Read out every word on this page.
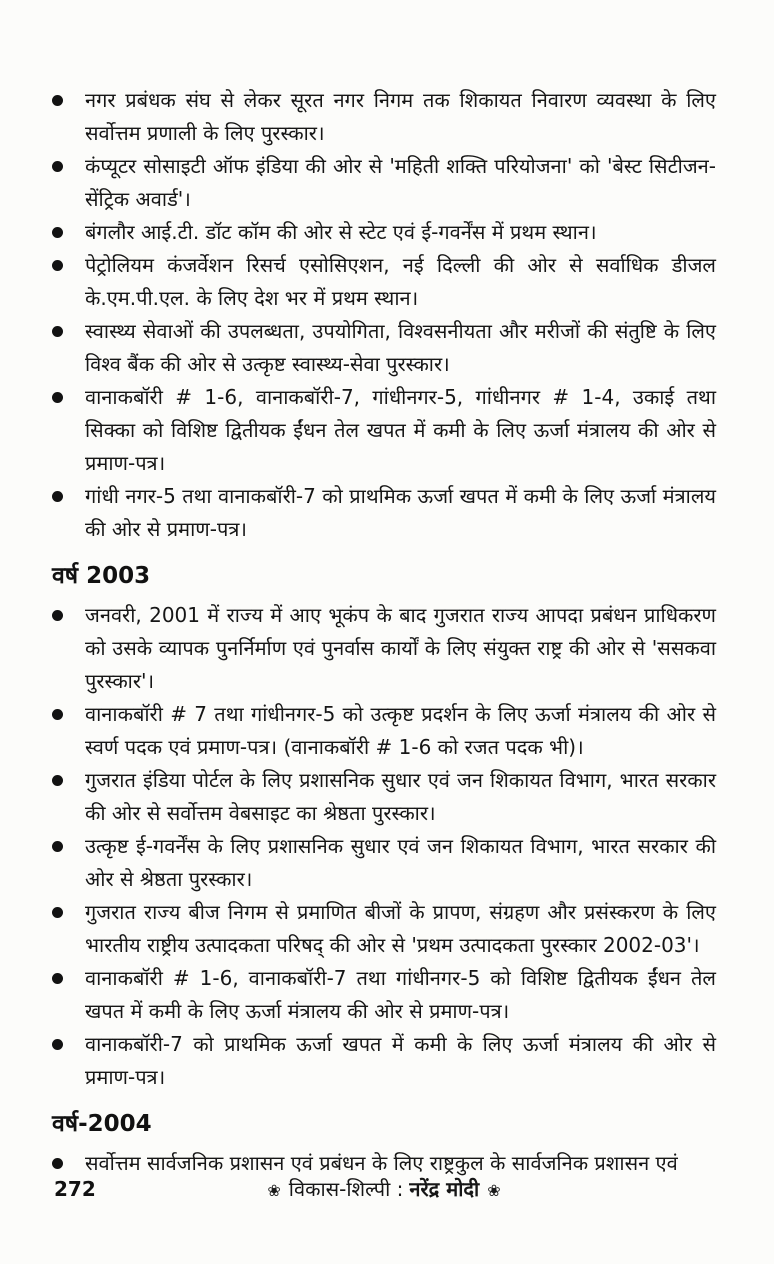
नगर प्रबंधक संघ से लेकर सूरत नगर निगम तक शिकायत निवारण व्यवस्था के लिए सर्वोत्तम प्रणाली के लिए पुरस्कार।

कंप्यूटर सोसाइटी ऑफ इंडिया की ओर से 'महिती शक्ति परियोजना' को 'बेस्ट सिटीजन-सेंट्रिक अवार्ड'।

बंगलौर आई.टी. डॉट कॉम की ओर से स्टेट एवं ई-गवर्नेंस में प्रथम स्थान।

पेट्रोलियम कंजर्वेशन रिसर्च एसोसिएशन, नई दिल्ली की ओर से सर्वाधिक डीजल के.एम.पी.एल. के लिए देश भर में प्रथम स्थान।

स्वास्थ्य सेवाओं की उपलब्धता, उपयोगिता, विश्वसनीयता और मरीजों की संतुष्टि के लिए विश्व बैंक की ओर से उत्कृष्ट स्वास्थ्य-सेवा पुरस्कार।

वानाकबॉरी # 1-6, वानाकबॉरी-7, गांधीनगर-5, गांधीनगर # 1-4, उकाई तथा सिक्का को विशिष्ट द्वितीयक ईंधन तेल खपत में कमी के लिए ऊर्जा मंत्रालय की ओर से प्रमाण-पत्र।

गांधी नगर-5 तथा वानाकबॉरी-7 को प्राथमिक ऊर्जा खपत में कमी के लिए ऊर्जा मंत्रालय की ओर से प्रमाण-पत्र।

वर्ष 2003

जनवरी, 2001 में राज्य में आए भूकंप के बाद गुजरात राज्य आपदा प्रबंधन प्राधिकरण को उसके व्यापक पुनर्निर्माण एवं पुनर्वास कार्यों के लिए संयुक्त राष्ट्र की ओर से 'ससकवा पुरस्कार'।

वानाकबॉरी # 7 तथा गांधीनगर-5 को उत्कृष्ट प्रदर्शन के लिए ऊर्जा मंत्रालय की ओर से स्वर्ण पदक एवं प्रमाण-पत्र। (वानाकबॉरी # 1-6 को रजत पदक भी)।

गुजरात इंडिया पोर्टल के लिए प्रशासनिक सुधार एवं जन शिकायत विभाग, भारत सरकार की ओर से सर्वोत्तम वेबसाइट का श्रेष्ठता पुरस्कार।

उत्कृष्ट ई-गवर्नेंस के लिए प्रशासनिक सुधार एवं जन शिकायत विभाग, भारत सरकार की ओर से श्रेष्ठता पुरस्कार।

गुजरात राज्य बीज निगम से प्रमाणित बीजों के प्रापण, संग्रहण और प्रसंस्करण के लिए भारतीय राष्ट्रीय उत्पादकता परिषद् की ओर से 'प्रथम उत्पादकता पुरस्कार 2002-03'।

वानाकबॉरी # 1-6, वानाकबॉरी-7 तथा गांधीनगर-5 को विशिष्ट द्वितीयक ईंधन तेल खपत में कमी के लिए ऊर्जा मंत्रालय की ओर से प्रमाण-पत्र।

वानाकबॉरी-7 को प्राथमिक ऊर्जा खपत में कमी के लिए ऊर्जा मंत्रालय की ओर से प्रमाण-पत्र।

वर्ष-2004

सर्वोत्तम सार्वजनिक प्रशासन एवं प्रबंधन के लिए राष्ट्रकुल के सार्वजनिक प्रशासन एवं

272	❀ विकास-शिल्पी : नरेंद्र मोदी ❀
